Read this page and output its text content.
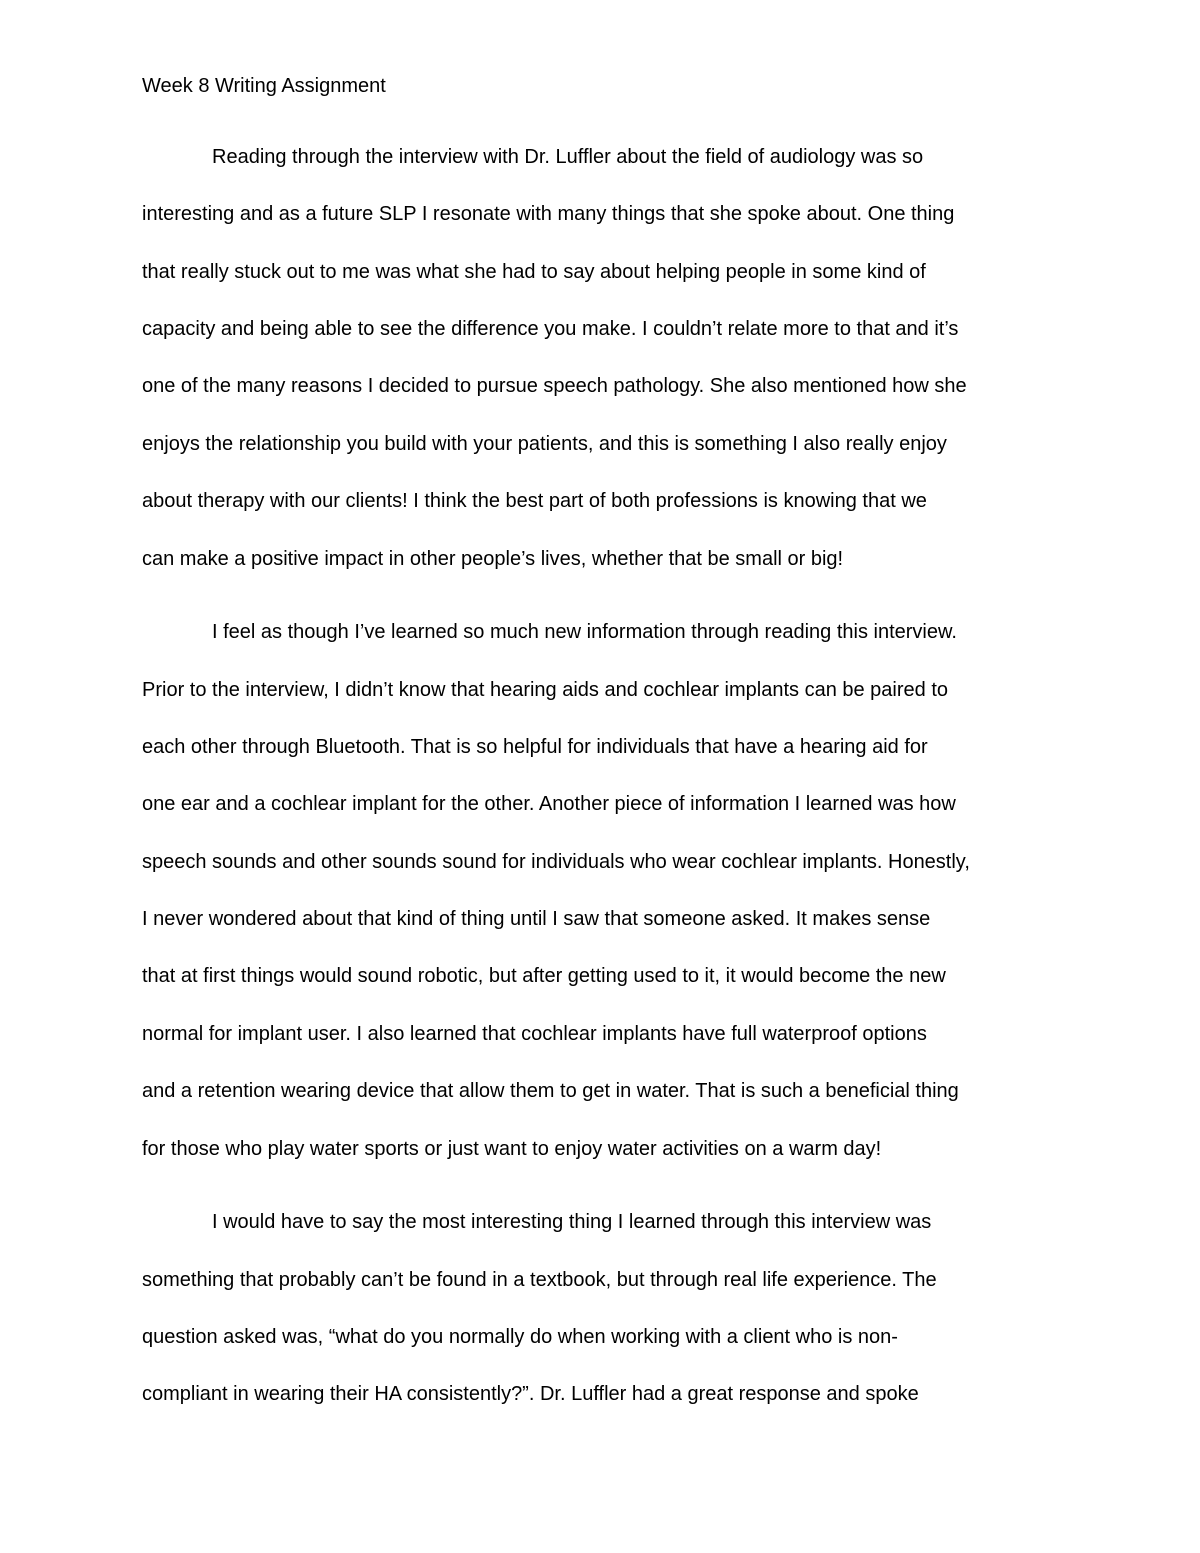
Week 8 Writing Assignment
Reading through the interview with Dr. Luffler about the field of audiology was so
interesting and as a future SLP I resonate with many things that she spoke about. One thing
that really stuck out to me was what she had to say about helping people in some kind of
capacity and being able to see the difference you make. I couldn’t relate more to that and it’s
one of the many reasons I decided to pursue speech pathology. She also mentioned how she
enjoys the relationship you build with your patients, and this is something I also really enjoy
about therapy with our clients! I think the best part of both professions is knowing that we
can make a positive impact in other people’s lives, whether that be small or big!
I feel as though I’ve learned so much new information through reading this interview.
Prior to the interview, I didn’t know that hearing aids and cochlear implants can be paired to
each other through Bluetooth. That is so helpful for individuals that have a hearing aid for
one ear and a cochlear implant for the other. Another piece of information I learned was how
speech sounds and other sounds sound for individuals who wear cochlear implants. Honestly,
I never wondered about that kind of thing until I saw that someone asked. It makes sense
that at first things would sound robotic, but after getting used to it, it would become the new
normal for implant user. I also learned that cochlear implants have full waterproof options
and a retention wearing device that allow them to get in water. That is such a beneficial thing
for those who play water sports or just want to enjoy water activities on a warm day!
I would have to say the most interesting thing I learned through this interview was
something that probably can’t be found in a textbook, but through real life experience. The
question asked was, “what do you normally do when working with a client who is non-
compliant in wearing their HA consistently?”. Dr. Luffler had a great response and spoke
